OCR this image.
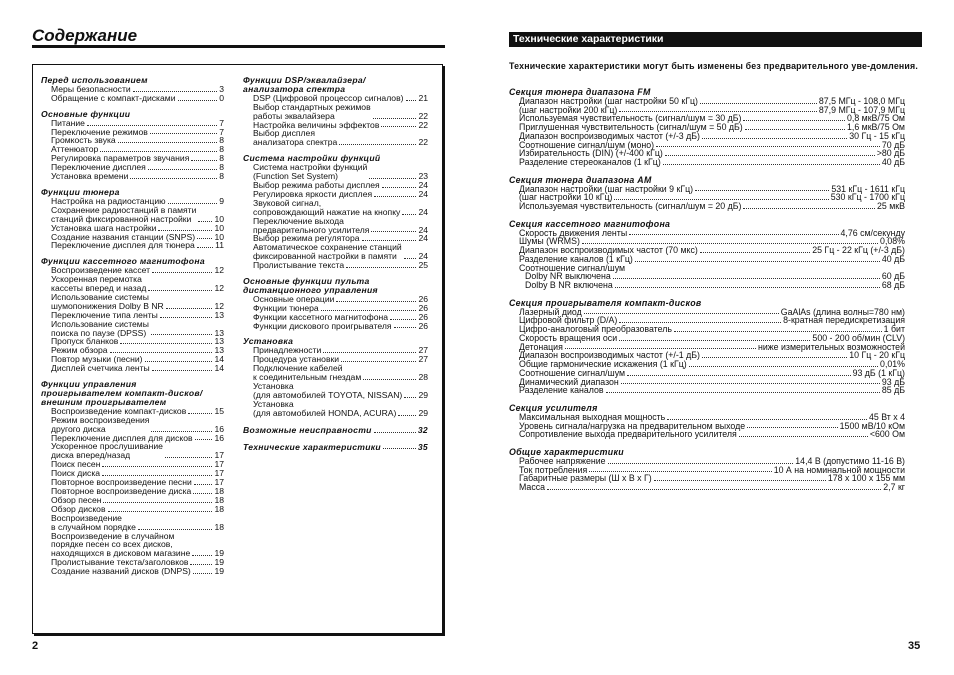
Содержание
Перед использованием
Меры безопасности	3
Обращение с компакт-дисками	0
Основные функции
Питание	7
Переключение режимов	7
Громкость звука	8
Аттенюатор	8
Регулировка параметров звучания	8
Переключение дисплея	8
Установка времени	8
Функции тюнера
Настройка на радиостанцию	9
Сохранение радиостанций в памяти
станций фиксированной настройки	10
Установка шага настройки	10
Создание названия станции (SNPS) 10
Переключение дисплея для тюнера 11
Функции кассетного магнитофона
Воспроизведение кассет	12
Ускоренная перемотка
кассеты вперед и назад	12
Использование системы
шумопонижения Dolby B NR	12
Переключение типа ленты	13
Использование системы
поиска по паузе (DPSS)	13
Пропуск бланков	13
Режим обзора	13
Повтор музыки (песни)	14
Дисплей счетчика ленты	14
Функции управления
проигрывателем компакт-дисков/
внешним проигрывателем
Воспроизведение компакт-дисков	15
Режим воспроизведения
другого диска	16
Переключение дисплея для дисков	16
Ускоренное прослушивание
диска вперед/назад	17
Поиск песен	17
Поиск диска	17
Повторное воспроизведение песни	17
Повторное воспроизведение диска	18
Обзор песен	18
Обзор дисков	18
Воспроизведение
в случайном порядке	18
Воспроизведение в случайном
порядке песен со всех дисков,
находящихся в дисковом магазине	19
Пролистывание текста/заголовков	19
Создание названий дисков (DNPS)	19
Функции DSP/эквалайзера/
анализатора спектра
DSP (Цифровой процессор сигналов) 21
Выбор стандартных режимов
работы эквалайзера	22
Настройка величины эффектов	22
Выбор дисплея
анализатора спектра	22
Система настройки функций
Система настройки функций
(Function Set System)	23
Выбор режима работы дисплея	24
Регулировка яркости дисплея	24
Звуковой сигнал,
сопровождающий нажатие на кнопку 24
Переключение выхода
предварительного усилителя	24
Выбор режима регулятора	24
Автоматическое сохранение станций
фиксированной настройки в памяти	24
Пролистывание текста	25
Основные функции пульта
дистанционного управления
Основные операции	26
Функции тюнера	26
Функции кассетного магнитофона	26
Функции дискового проигрывателя	26
Установка
Принадлежности	27
Процедура установки	27
Подключение кабелей
к соединительным гнездам	28
Установка
(для автомобилей TOYOTA, NISSAN) 29
Установка
(для автомобилей HONDA, ACURA)	29
Возможные неисправности	32
Технические характеристики	35
2
Технические характеристики
Технические характеристики могут быть изменены без предварительного уве-домления.
Секция тюнера диапазона FM
Диапазон настройки (шаг настройки 50 кГц)	87,5 МГц - 108,0 МГц
(шаг настройки 200 кГц)	87,9 МГц - 107,9 МГц
Используемая чувствительность (сигнал/шум = 30 дБ)	0,8 мкВ/75 Ом
Приглушенная чувствительность (сигнал/шум = 50 дБ)	1,6 мкВ/75 Ом
Диапазон воспроизводимых частот (+/-3 дБ)	30 Гц - 15 кГц
Соотношение сигнал/шум (моно)	70 дБ
Избирательность (DIN) (+/-400 кГц)	>80 дБ
Разделение стереоканалов (1 кГц)	40 дБ
Секция тюнера диапазона AM
Диапазон настройки (шаг настройки 9 кГц)	531 кГц - 1611 кГц
(шаг настройки 10 кГц)	530 кГц - 1700 кГц
Используемая чувствительность (сигнал/шум = 20 дБ)	25 мкВ
Секция кассетного магнитофона
Скорость движения ленты	4,76 см/секунду
Шумы (WRMS)	0,08%
Диапазон воспроизводимых частот (70 мкс)	25 Гц - 22 кГц (+/-3 дБ)
Разделение каналов (1 кГц)	40 дБ
Соотношение сигнал/шум
Dolby NR выключена	60 дБ
Dolby B NR включена	68 дБ
Секция проигрывателя компакт-дисков
Лазерный диод	GaAlAs (длина волны=780 нм)
Цифровой фильтр (D/A)	8-кратная передискретизация
Цифро-аналоговый преобразователь	1 бит
Скорость вращения оси	500 - 200 об/мин (CLV)
Детонация	ниже измерительных возможностей
Диапазон воспроизводимых частот (+/-1 дБ)	10 Гц - 20 кГц
Общие гармонические искажения (1 кГц)	0,01%
Соотношение сигнал/шум	93 дБ (1 кГц)
Динамический диапазон	93 дБ
Разделение каналов	85 дБ
Секция усилителя
Максимальная выходная мощность	45 Вт x 4
Уровень сигнала/нагрузка на предварительном выходе	1500 мВ/10 кОм
Сопротивление выхода предварительного усилителя	<600 Ом
Общие характеристики
Рабочее напряжение	14,4 В (допустимо 11-16 В)
Ток потребления	10 А на номинальной мощности
Габаритные размеры (Ш x В x Г)	178 x 100 x 155 мм
Масса	2,7 кг
35
